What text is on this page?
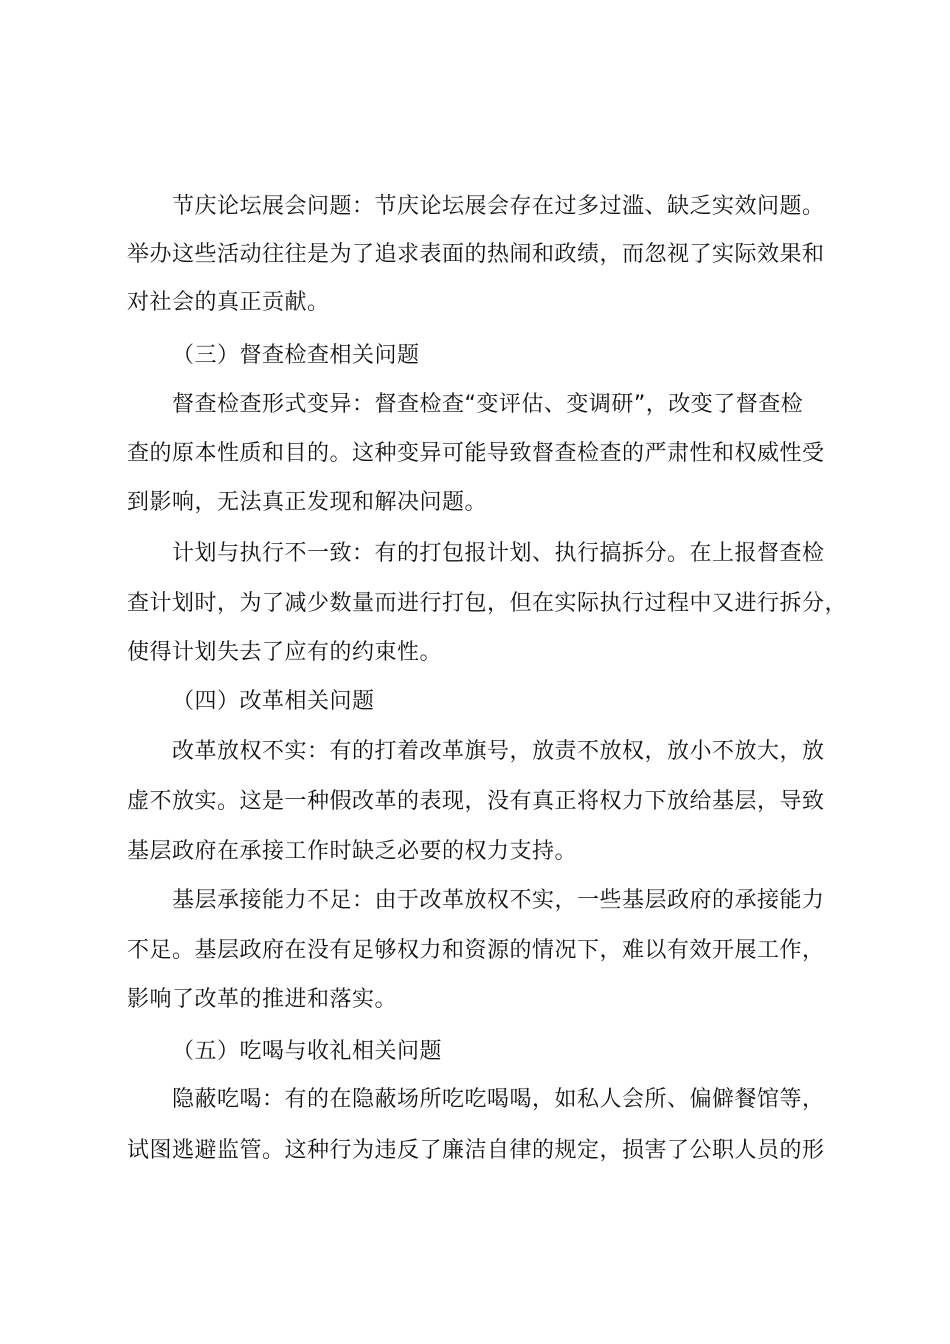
节庆论坛展会问题：节庆论坛展会存在过多过滥、缺乏实效问题。
举办这些活动往往是为了追求表面的热闹和政绩，而忽视了实际效果和
对社会的真正贡献。
（三）督查检查相关问题
督查检查形式变异：督查检查“变评估、变调研”，改变了督查检
查的原本性质和目的。这种变异可能导致督查检查的严肃性和权威性受
到影响，无法真正发现和解决问题。
计划与执行不一致：有的打包报计划、执行搞拆分。在上报督查检
查计划时，为了减少数量而进行打包，但在实际执行过程中又进行拆分，
使得计划失去了应有的约束性。
（四）改革相关问题
改革放权不实：有的打着改革旗号，放责不放权，放小不放大，放
虚不放实。这是一种假改革的表现，没有真正将权力下放给基层，导致
基层政府在承接工作时缺乏必要的权力支持。
基层承接能力不足：由于改革放权不实，一些基层政府的承接能力
不足。基层政府在没有足够权力和资源的情况下，难以有效开展工作，
影响了改革的推进和落实。
（五）吃喝与收礼相关问题
隐蔽吃喝：有的在隐蔽场所吃吃喝喝，如私人会所、偏僻餐馆等，
试图逃避监管。这种行为违反了廉洁自律的规定，损害了公职人员的形
